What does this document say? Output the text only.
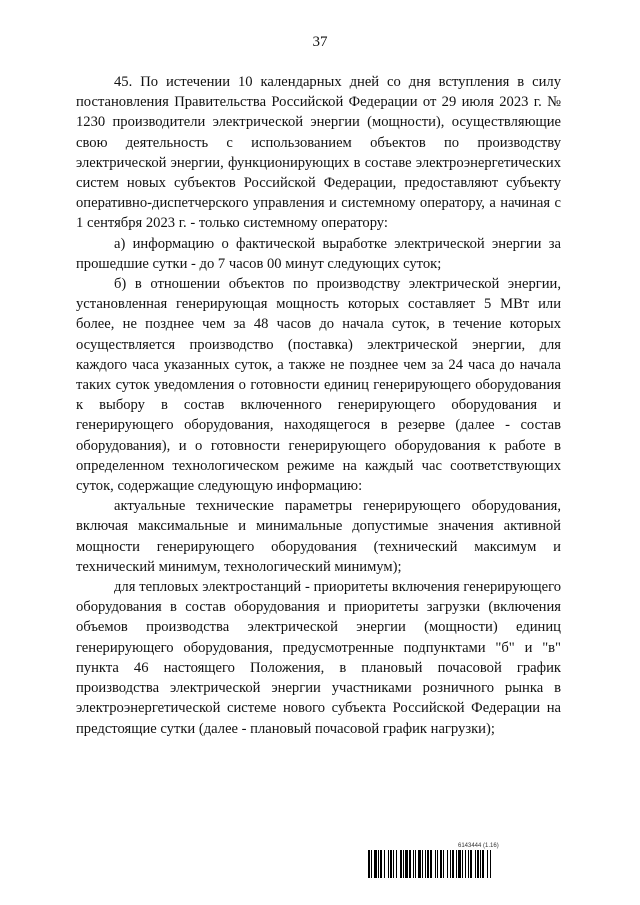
37

45. По истечении 10 календарных дней со дня вступления в силу постановления Правительства Российской Федерации от 29 июля 2023 г. № 1230 производители электрической энергии (мощности), осуществляющие свою деятельность с использованием объектов по производству электрической энергии, функционирующих в составе электроэнергетических систем новых субъектов Российской Федерации, предоставляют субъекту оперативно-диспетчерского управления и системному оператору, а начиная с 1 сентября 2023 г. - только системному оператору:

а) информацию о фактической выработке электрической энергии за прошедшие сутки - до 7 часов 00 минут следующих суток;

б) в отношении объектов по производству электрической энергии, установленная генерирующая мощность которых составляет 5 МВт или более, не позднее чем за 48 часов до начала суток, в течение которых осуществляется производство (поставка) электрической энергии, для каждого часа указанных суток, а также не позднее чем за 24 часа до начала таких суток уведомления о готовности единиц генерирующего оборудования к выбору в состав включенного генерирующего оборудования и генерирующего оборудования, находящегося в резерве (далее - состав оборудования), и о готовности генерирующего оборудования к работе в определенном технологическом режиме на каждый час соответствующих суток, содержащие следующую информацию:

актуальные технические параметры генерирующего оборудования, включая максимальные и минимальные допустимые значения активной мощности генерирующего оборудования (технический максимум и технический минимум, технологический минимум);

для тепловых электростанций - приоритеты включения генерирующего оборудования в состав оборудования и приоритеты загрузки (включения объемов производства электрической энергии (мощности) единиц генерирующего оборудования, предусмотренные подпунктами "б" и "в" пункта 46 настоящего Положения, в плановый почасовой график производства электрической энергии участниками розничного рынка в электроэнергетической системе нового субъекта Российской Федерации на предстоящие сутки (далее - плановый почасовой график нагрузки);

6143444 (1.16)
